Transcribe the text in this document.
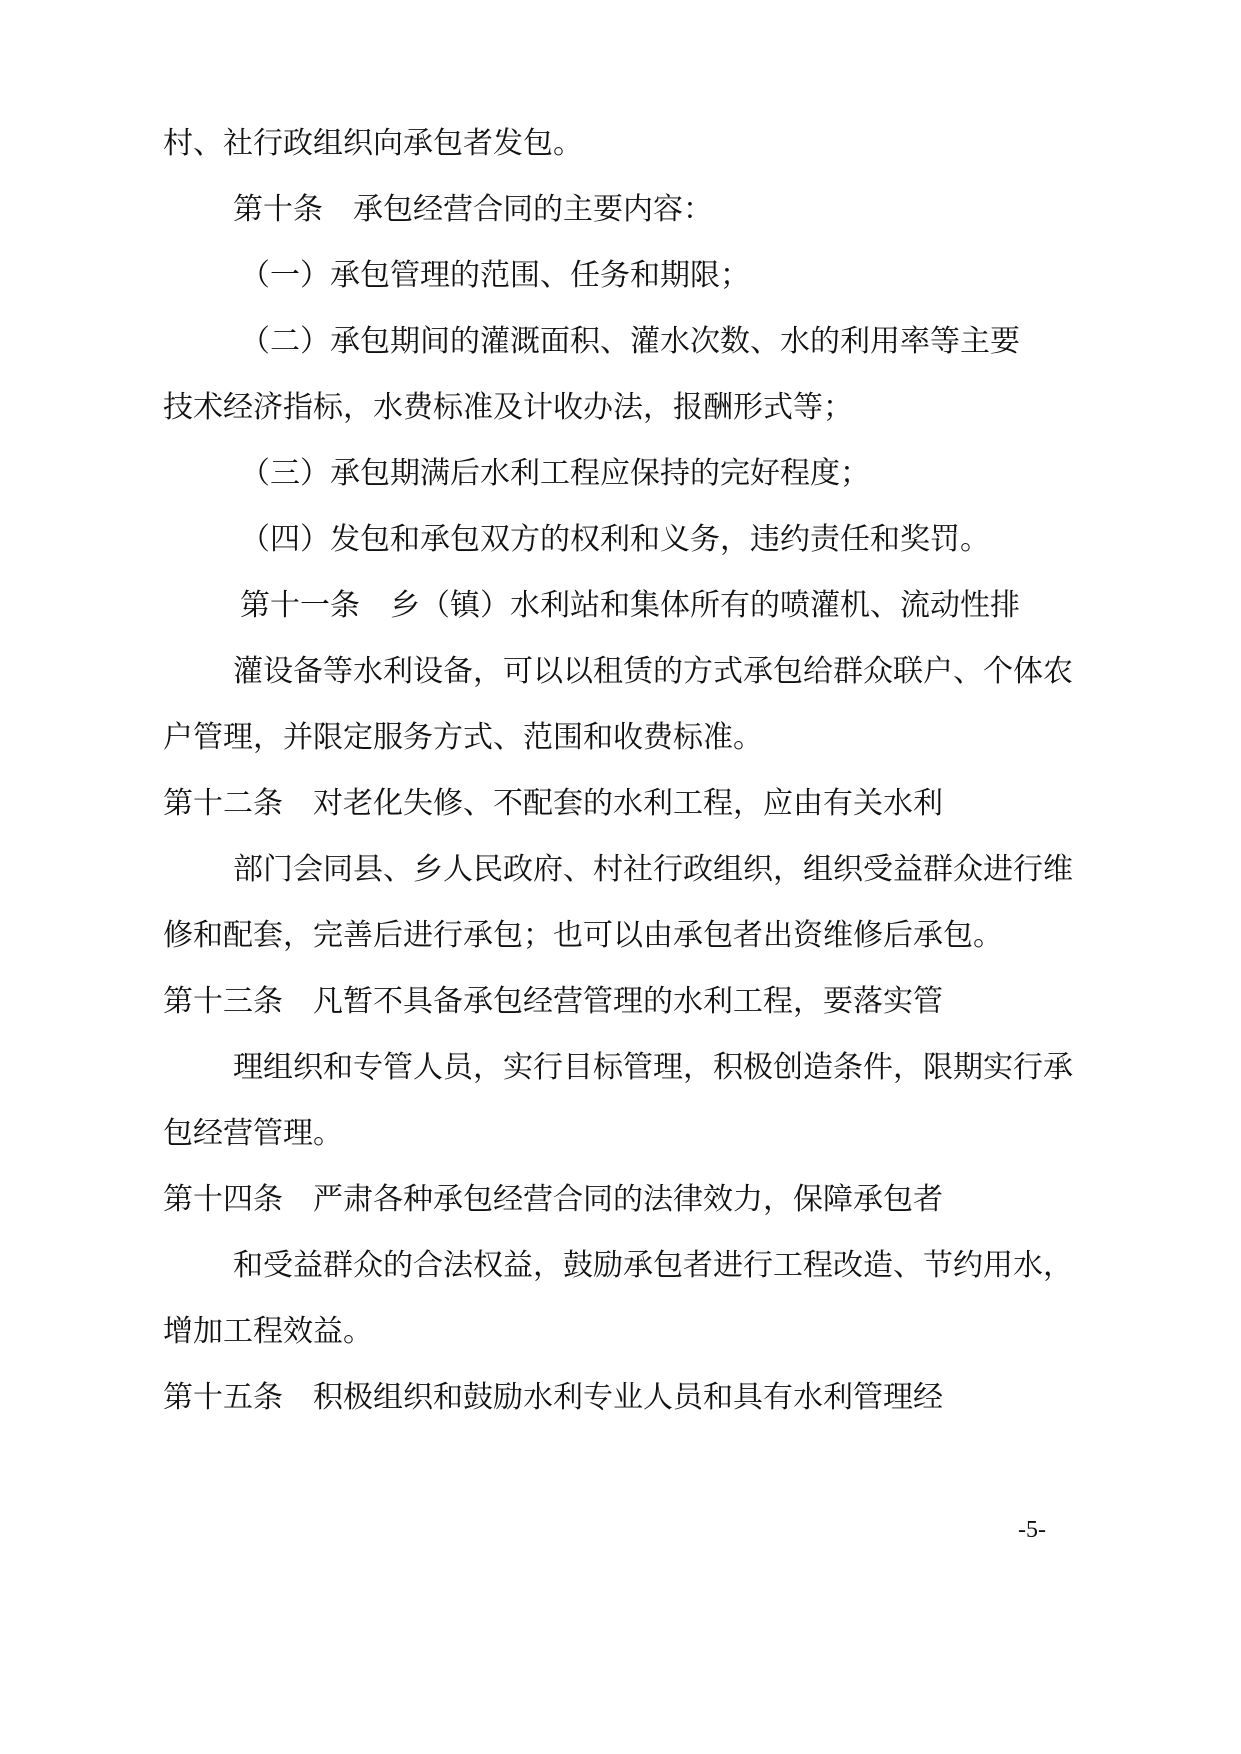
村、社行政组织向承包者发包。
第十条　承包经营合同的主要内容：
（一）承包管理的范围、任务和期限；
（二）承包期间的灌溉面积、灌水次数、水的利用率等主要
技术经济指标，水费标准及计收办法，报酬形式等；
（三）承包期满后水利工程应保持的完好程度；
（四）发包和承包双方的权利和义务，违约责任和奖罚。
第十一条　乡（镇）水利站和集体所有的喷灌机、流动性排
灌设备等水利设备，可以以租赁的方式承包给群众联户、个体农
户管理，并限定服务方式、范围和收费标准。
第十二条　对老化失修、不配套的水利工程，应由有关水利
部门会同县、乡人民政府、村社行政组织，组织受益群众进行维
修和配套，完善后进行承包；也可以由承包者出资维修后承包。
第十三条　凡暂不具备承包经营管理的水利工程，要落实管
理组织和专管人员，实行目标管理，积极创造条件，限期实行承
包经营管理。
第十四条　严肃各种承包经营合同的法律效力，保障承包者
和受益群众的合法权益，鼓励承包者进行工程改造、节约用水，
增加工程效益。
第十五条　积极组织和鼓励水利专业人员和具有水利管理经
-5-
